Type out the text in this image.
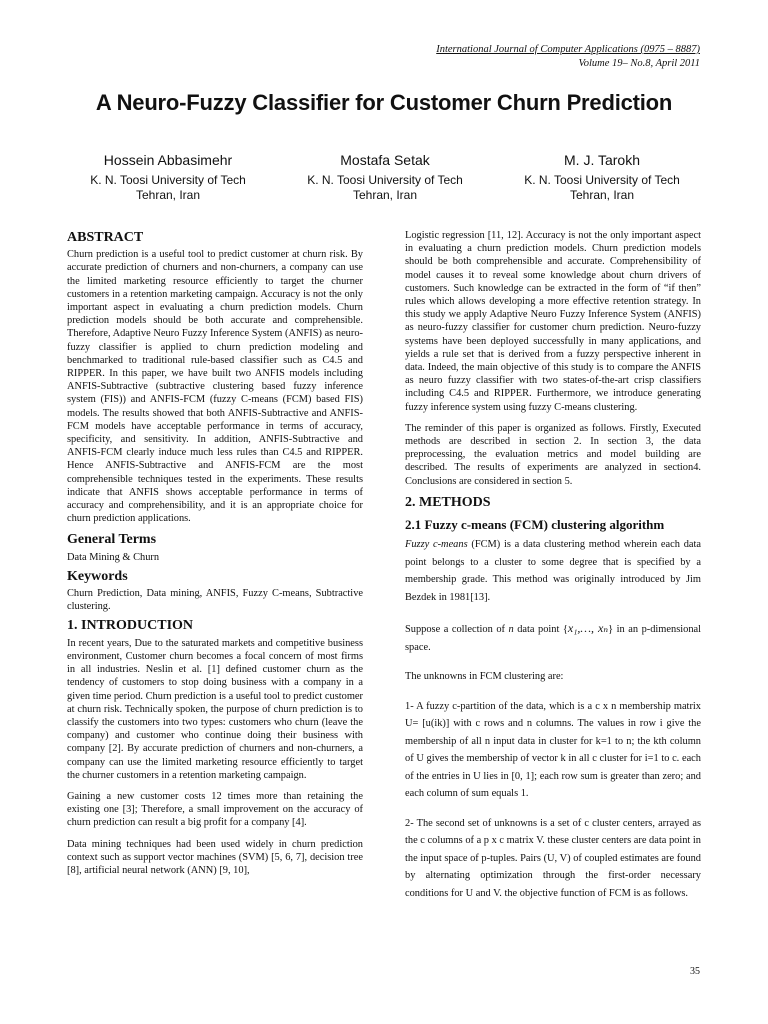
International Journal of Computer Applications (0975 – 8887)
Volume 19– No.8, April 2011
A Neuro-Fuzzy Classifier for Customer Churn Prediction
Hossein Abbasimehr
K. N. Toosi University of Tech
Tehran, Iran
Mostafa Setak
K. N. Toosi University of Tech
Tehran, Iran
M. J. Tarokh
K. N. Toosi University of Tech
Tehran, Iran
ABSTRACT

Churn prediction is a useful tool to predict customer at churn risk. By accurate prediction of churners and non-churners, a company can use the limited marketing resource efficiently to target the churner customers in a retention marketing campaign. Accuracy is not the only important aspect in evaluating a churn prediction models. Churn prediction models should be both accurate and comprehensible. Therefore, Adaptive Neuro Fuzzy Inference System (ANFIS) as neuro-fuzzy classifier is applied to churn prediction modeling and benchmarked to traditional rule-based classifier such as C4.5 and RIPPER. In this paper, we have built two ANFIS models including ANFIS-Subtractive (subtractive clustering based fuzzy inference system (FIS)) and ANFIS-FCM (fuzzy C-means (FCM) based FIS) models. The results showed that both ANFIS-Subtractive and ANFIS-FCM models have acceptable performance in terms of accuracy, specificity, and sensitivity. In addition, ANFIS-Subtractive and ANFIS-FCM clearly induce much less rules than C4.5 and RIPPER. Hence ANFIS-Subtractive and ANFIS-FCM are the most comprehensible techniques tested in the experiments. These results indicate that ANFIS shows acceptable performance in terms of accuracy and comprehensibility, and it is an appropriate choice for churn prediction applications.

General Terms

Data Mining & Churn

Keywords

Churn Prediction, Data mining, ANFIS, Fuzzy C-means, Subtractive clustering.

1. INTRODUCTION

In recent years, Due to the saturated markets and competitive business environment, Customer churn becomes a focal concern of most firms in all industries. Neslin et al. [1] defined customer churn as the tendency of customers to stop doing business with a company in a given time period. Churn prediction is a useful tool to predict customer at churn risk. Technically spoken, the purpose of churn prediction is to classify the customers into two types: customers who churn (leave the company) and customer who continue doing their business with company [2]. By accurate prediction of churners and non-churners, a company can use the limited marketing resource efficiently to target the churner customers in a retention marketing campaign.

Gaining a new customer costs 12 times more than retaining the existing one [3]; Therefore, a small improvement on the accuracy of churn prediction can result a big profit for a company [4].

Data mining techniques had been used widely in churn prediction context such as support vector machines (SVM) [5, 6, 7], decision tree [8], artificial neural network (ANN) [9, 10],

Logistic regression [11, 12]. Accuracy is not the only important aspect in evaluating a churn prediction models. Churn prediction models should be both comprehensible and accurate. Comprehensibility of model causes it to reveal some knowledge about churn drivers of customers. Such knowledge can be extracted in the form of “if then” rules which allows developing a more effective retention strategy. In this study we apply Adaptive Neuro Fuzzy Inference System (ANFIS) as neuro-fuzzy classifier for customer churn prediction. Neuro-fuzzy systems have been deployed successfully in many applications, and yields a rule set that is derived from a fuzzy perspective inherent in data. Indeed, the main objective of this study is to compare the ANFIS as neuro fuzzy classifier with two states-of-the-art crisp classifiers including C4.5 and RIPPER. Furthermore, we introduce generating fuzzy inference system using fuzzy C-means clustering.

The reminder of this paper is organized as follows. Firstly, Executed methods are described in section 2. In section 3, the data preprocessing, the evaluation metrics and model building are described. The results of experiments are analyzed in section4. Conclusions are considered in section 5.

2. METHODS
2.1 Fuzzy c-means (FCM) clustering algorithm

Fuzzy c-means (FCM) is a data clustering method wherein each data point belongs to a cluster to some degree that is specified by a membership grade. This method was originally introduced by Jim Bezdek in 1981[13].

Suppose a collection of n data point {x₁,…, xₙ} in an p-dimensional space.

The unknowns in FCM clustering are:

1- A fuzzy c-partition of the data, which is a c x n membership matrix U= [u(ik)] with c rows and n columns. The values in row i give the membership of all n input data in cluster for k=1 to n; the kth column of U gives the membership of vector k in all c cluster for i=1 to c. each of the entries in U lies in [0, 1]; each row sum is greater than zero; and each column of sum equals 1.

2- The second set of unknowns is a set of c cluster centers, arrayed as the c columns of a p x c matrix V. these cluster centers are data point in the input space of p-tuples. Pairs (U, V) of coupled estimates are found by alternating optimization through the first-order necessary conditions for U and V. the objective function of FCM is as follows.

35
